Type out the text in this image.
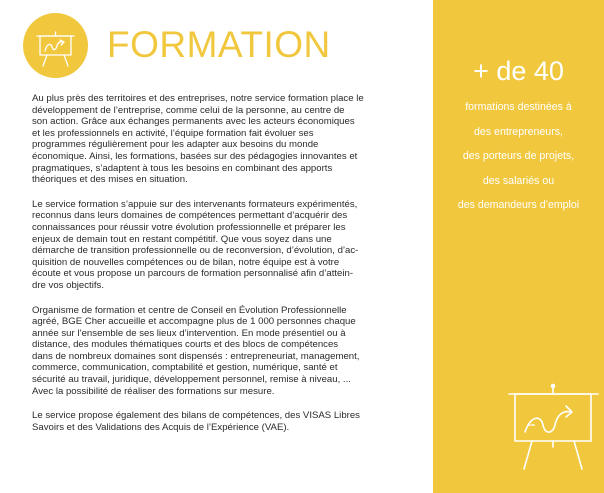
FORMATION

Au plus près des territoires et des entreprises, notre service formation place le
développement de l’entreprise, comme celui de la personne, au centre de
son action. Grâce aux échanges permanents avec les acteurs économiques
et les professionnels en activité, l’équipe formation fait évoluer ses
programmes régulièrement pour les adapter aux besoins du monde
économique. Ainsi, les formations, basées sur des pédagogies innovantes et
pragmatiques, s’adaptent à tous les besoins en combinant des apports
théoriques et des mises en situation.

Le service formation s’appuie sur des intervenants formateurs expérimentés,
reconnus dans leurs domaines de compétences permettant d’acquérir des
connaissances pour réussir votre évolution professionnelle et préparer les
enjeux de demain tout en restant compétitif. Que vous soyez dans une
démarche de transition professionnelle ou de reconversion, d’évolution, d’ac-
quisition de nouvelles compétences ou de bilan, notre équipe est à votre
écoute et vous propose un parcours de formation personnalisé afin d’attein-
dre vos objectifs.

Organisme de formation et centre de Conseil en Évolution Professionnelle
agréé, BGE Cher accueille et accompagne plus de 1 000 personnes chaque
année sur l’ensemble de ses lieux d’intervention. En mode présentiel ou à
distance, des modules thématiques courts et des blocs de compétences
dans de nombreux domaines sont dispensés : entrepreneuriat, management,
commerce, communication, comptabilité et gestion, numérique, santé et
sécurité au travail, juridique, développement personnel, remise à niveau, ...
Avec la possibilité de réaliser des formations sur mesure.

Le service propose également des bilans de compétences, des VISAS Libres
Savoirs et des Validations des Acquis de l’Expérience (VAE).

+ de 40
formations destinées à
des entrepreneurs,
des porteurs de projets,
des salariés ou
des demandeurs d’emploi
